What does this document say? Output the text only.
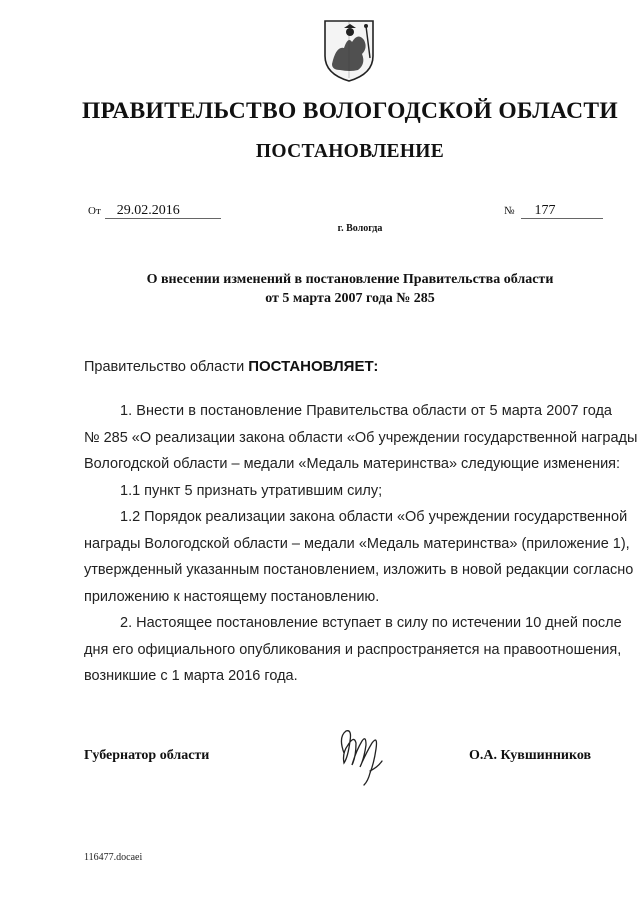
ПРАВИТЕЛЬСТВО ВОЛОГОДСКОЙ ОБЛАСТИ
ПОСТАНОВЛЕНИЕ
От 29.02.2016	№ 177
г. Вологда
О внесении изменений в постановление Правительства области
от 5 марта 2007 года № 285
Правительство области ПОСТАНОВЛЯЕТ:
1. Внести в постановление Правительства области от 5 марта 2007 года
№ 285 «О реализации закона области «Об учреждении государственной награды
Вологодской области – медали «Медаль материнства» следующие изменения:
1.1 пункт 5 признать утратившим силу;
1.2 Порядок реализации закона области «Об учреждении государственной
награды Вологодской области – медали «Медаль материнства» (приложение 1),
утвержденный указанным постановлением, изложить в новой редакции согласно
приложению к настоящему постановлению.
2. Настоящее постановление вступает в силу по истечении 10 дней после
дня его официального опубликования и распространяется на правоотношения,
возникшие с 1 марта 2016 года.
Губернатор области	О.А. Кувшинников
116477.docaei
